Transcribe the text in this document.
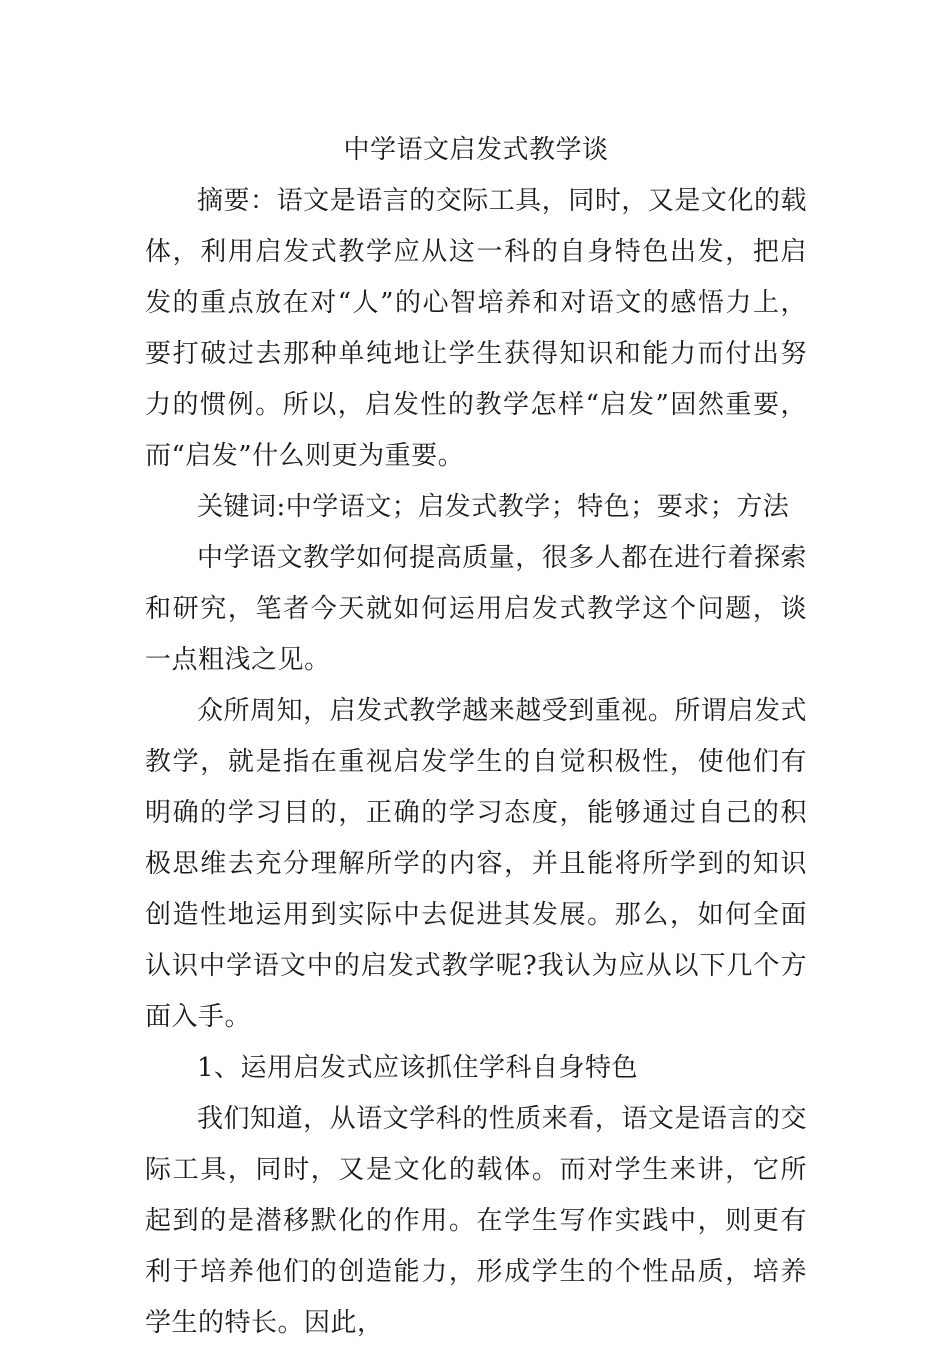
中学语文启发式教学谈

摘要：语文是语言的交际工具，同时，又是文化的载体，利用启发式教学应从这一科的自身特色出发，把启发的重点放在对“人”的心智培养和对语文的感悟力上，要打破过去那种单纯地让学生获得知识和能力而付出努力的惯例。所以，启发性的教学怎样“启发”固然重要，而“启发”什么则更为重要。

关键词:中学语文；启发式教学；特色；要求；方法

中学语文教学如何提高质量，很多人都在进行着探索和研究，笔者今天就如何运用启发式教学这个问题，谈一点粗浅之见。

众所周知，启发式教学越来越受到重视。所谓启发式教学，就是指在重视启发学生的自觉积极性，使他们有明确的学习目的，正确的学习态度，能够通过自己的积极思维去充分理解所学的内容，并且能将所学到的知识创造性地运用到实际中去促进其发展。那么，如何全面认识中学语文中的启发式教学呢?我认为应从以下几个方面入手。

1、运用启发式应该抓住学科自身特色

我们知道，从语文学科的性质来看，语文是语言的交际工具，同时，又是文化的载体。而对学生来讲，它所起到的是潜移默化的作用。在学生写作实践中，则更有利于培养他们的创造能力，形成学生的个性品质，培养学生的特长。因此，
